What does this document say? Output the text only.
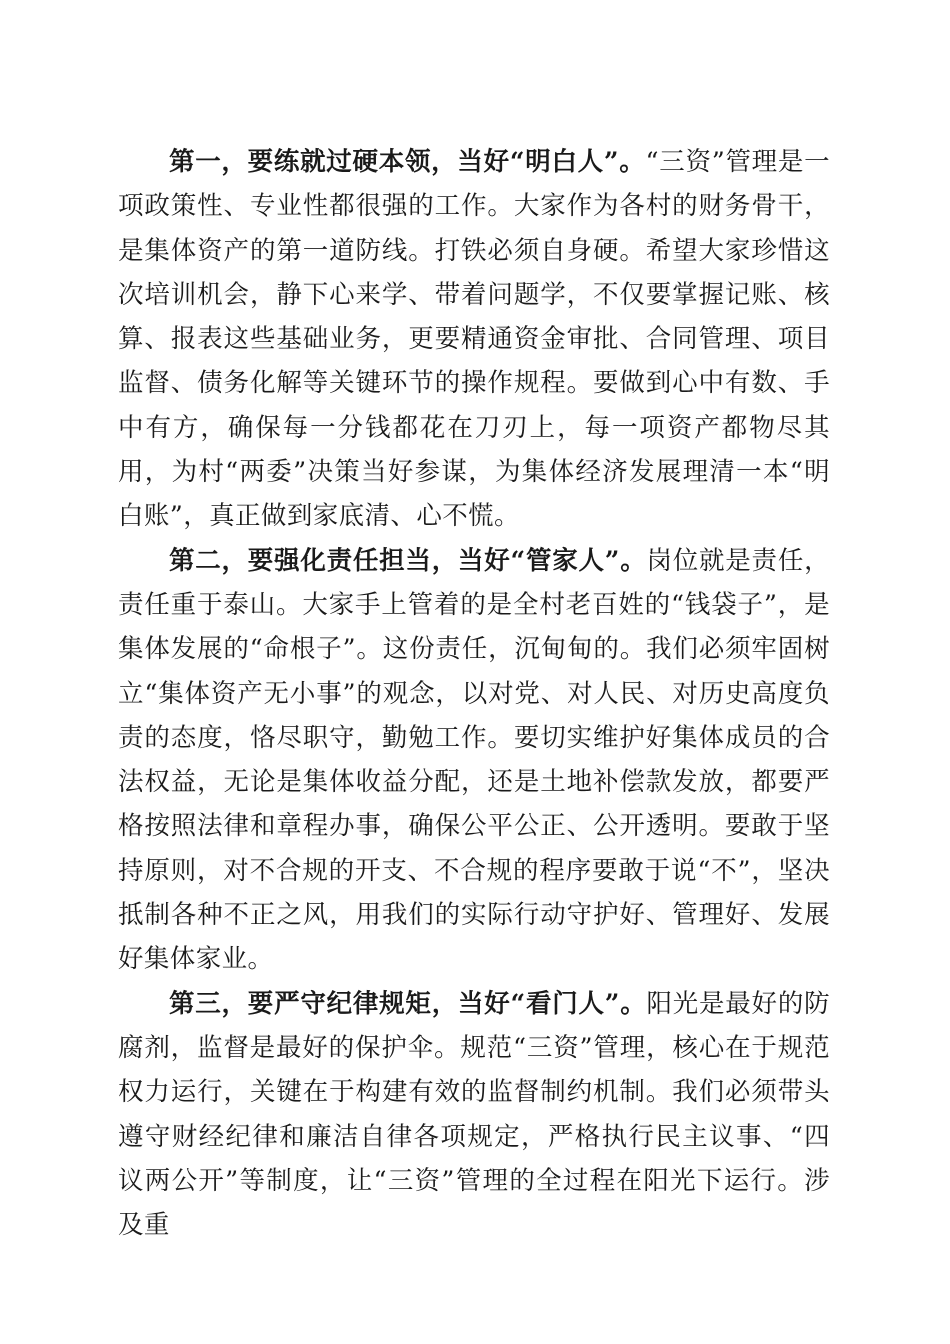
第一，要练就过硬本领，当好“明白人”。“三资”管理是一项政策性、专业性都很强的工作。大家作为各村的财务骨干，是集体资产的第一道防线。打铁必须自身硬。希望大家珍惜这次培训机会，静下心来学、带着问题学，不仅要掌握记账、核算、报表这些基础业务，更要精通资金审批、合同管理、项目监督、债务化解等关键环节的操作规程。要做到心中有数、手中有方，确保每一分钱都花在刀刃上，每一项资产都物尽其用，为村“两委”决策当好参谋，为集体经济发展理清一本“明白账”，真正做到家底清、心不慌。

第二，要强化责任担当，当好“管家人”。岗位就是责任，责任重于泰山。大家手上管着的是全村老百姓的“钱袋子”，是集体发展的“命根子”。这份责任，沉甸甸的。我们必须牢固树立“集体资产无小事”的观念，以对党、对人民、对历史高度负责的态度，恪尽职守，勤勉工作。要切实维护好集体成员的合法权益，无论是集体收益分配，还是土地补偿款发放，都要严格按照法律和章程办事，确保公平公正、公开透明。要敢于坚持原则，对不合规的开支、不合规的程序要敢于说“不”，坚决抵制各种不正之风，用我们的实际行动守护好、管理好、发展好集体家业。

第三，要严守纪律规矩，当好“看门人”。阳光是最好的防腐剂，监督是最好的保护伞。规范“三资”管理，核心在于规范权力运行，关键在于构建有效的监督制约机制。我们必须带头遵守财经纪律和廉洁自律各项规定，严格执行民主议事、“四议两公开”等制度，让“三资”管理的全过程在阳光下运行。涉及重
